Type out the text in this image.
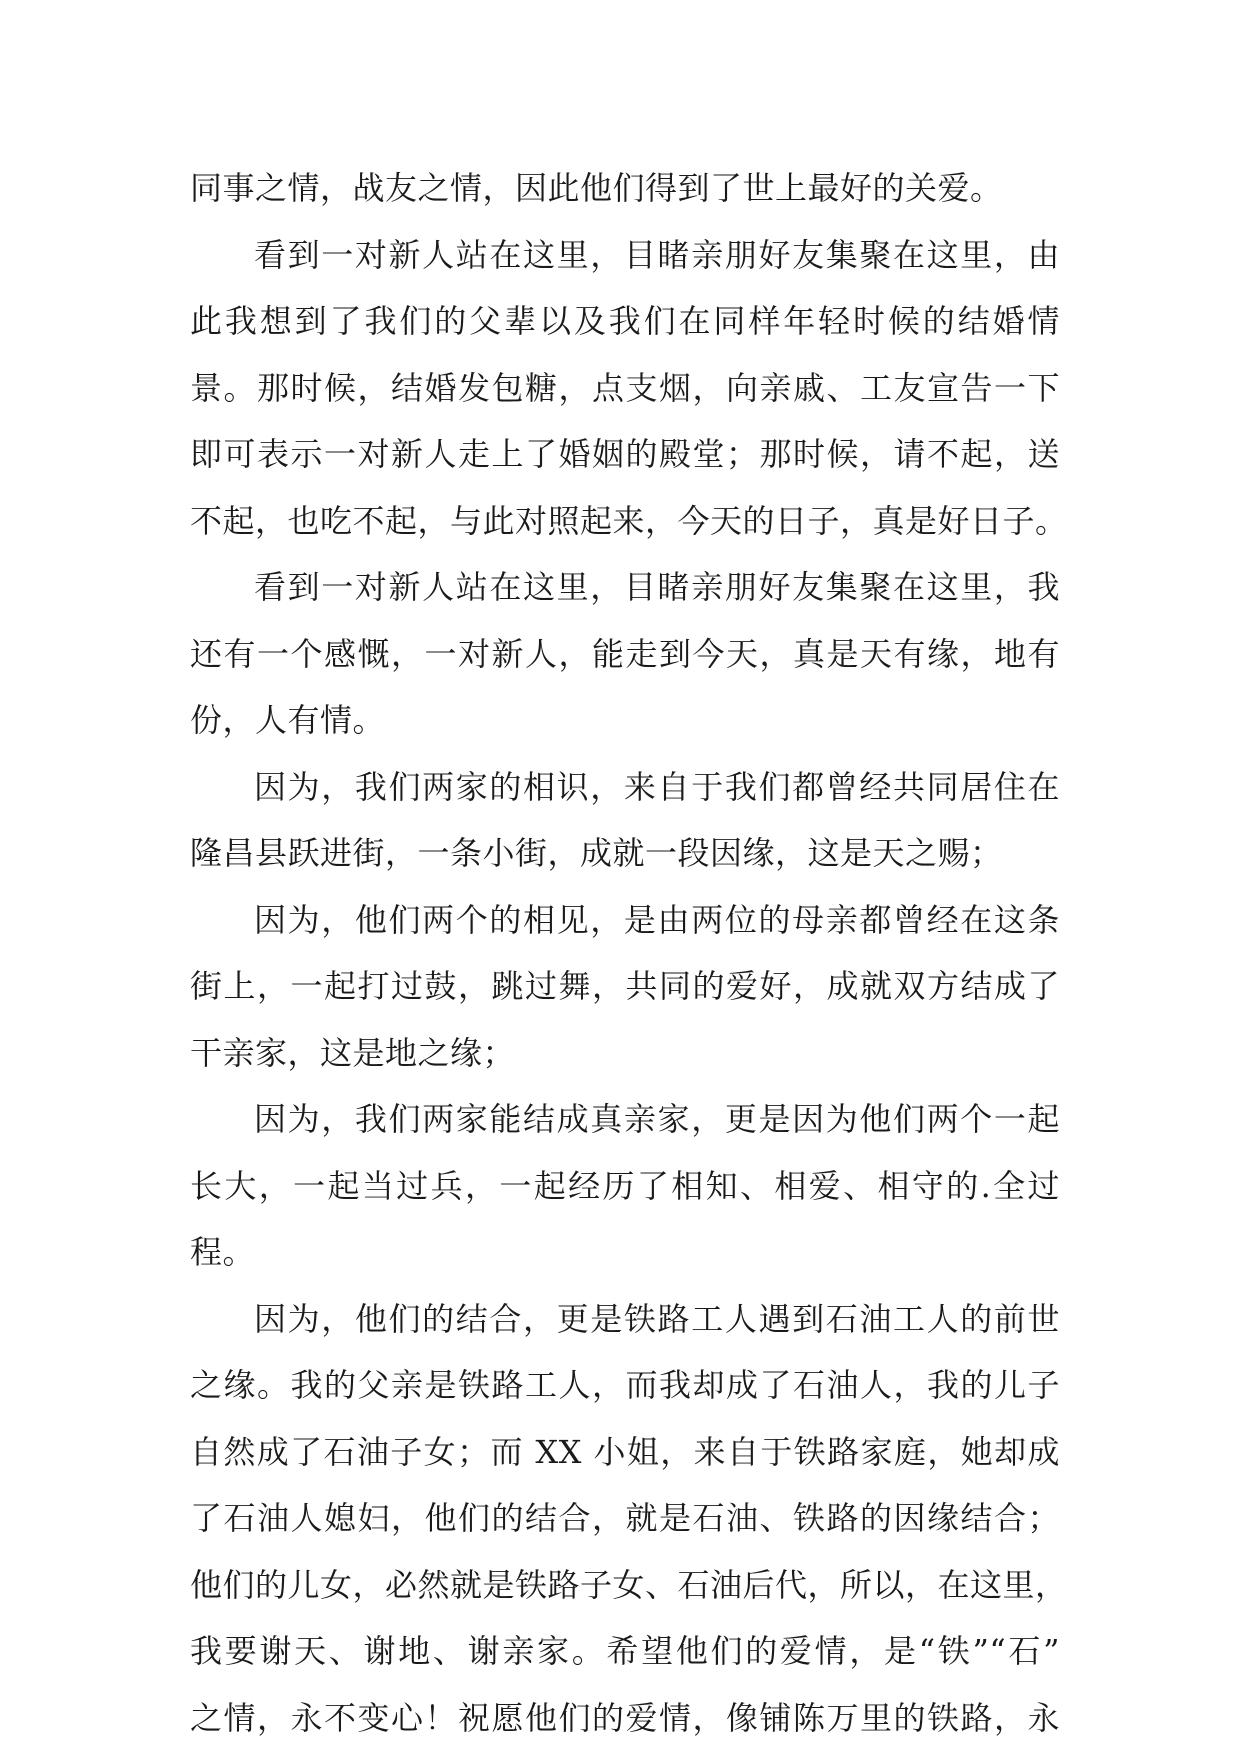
同事之情，战友之情，因此他们得到了世上最好的关爱。
看到一对新人站在这里，目睹亲朋好友集聚在这里，由
此我想到了我们的父辈以及我们在同样年轻时候的结婚情
景。那时候，结婚发包糖，点支烟，向亲戚、工友宣告一下
即可表示一对新人走上了婚姻的殿堂；那时候，请不起，送
不起，也吃不起，与此对照起来，今天的日子，真是好日子。
看到一对新人站在这里，目睹亲朋好友集聚在这里，我
还有一个感慨，一对新人，能走到今天，真是天有缘，地有
份，人有情。
因为，我们两家的相识，来自于我们都曾经共同居住在
隆昌县跃进街，一条小街，成就一段因缘，这是天之赐；
因为，他们两个的相见，是由两位的母亲都曾经在这条
街上，一起打过鼓，跳过舞，共同的爱好，成就双方结成了
干亲家，这是地之缘；
因为，我们两家能结成真亲家，更是因为他们两个一起
长大，一起当过兵，一起经历了相知、相爱、相守的.全过
程。
因为，他们的结合，更是铁路工人遇到石油工人的前世
之缘。我的父亲是铁路工人，而我却成了石油人，我的儿子
自然成了石油子女；而 XX 小姐，来自于铁路家庭，她却成
了石油人媳妇，他们的结合，就是石油、铁路的因缘结合；
他们的儿女，必然就是铁路子女、石油后代，所以，在这里，
我要谢天、谢地、谢亲家。希望他们的爱情，是“铁”“石”
之情，永不变心！祝愿他们的爱情，像铺陈万里的铁路，永
